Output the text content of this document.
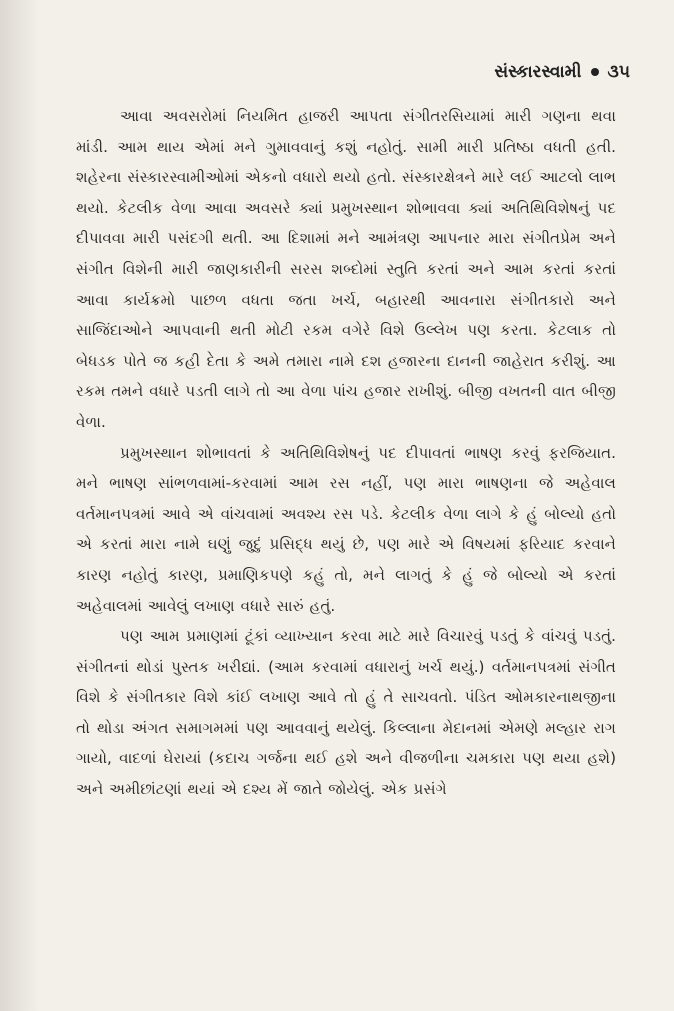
સંસ્કારસ્વામી ૩૫

આવા અવસરોમાં નિયમિત હાજરી આપતા સંગીતરસિયામાં મારી ગણના થવા માંડી. આમ થાય એમાં મને ગુમાવવાનું કશું નહોતું. સામી મારી પ્રતિષ્ઠા વધતી હતી. શહેરના સંસ્કારસ્વામીઓમાં એકનો વધારો થયો હતો. સંસ્કારક્ષેત્રને મારે લઈ આટલો લાભ થયો. કેટલીક વેળા આવા અવસરે ક્યાં પ્રમુખસ્થાન શોભાવવા ક્યાં અતિથિવિશેષનું પદ દીપાવવા મારી પસંદગી થતી. આ દિશામાં મને આમંત્રણ આપનાર મારા સંગીતપ્રેમ અને સંગીત વિશેની મારી જાણકારીની સરસ શબ્દોમાં સ્તુતિ કરતાં અને આમ કરતાં કરતાં આવા કાર્યક્રમો પાછળ વધતા જતા ખર્ચ, બહારથી આવનારા સંગીતકારો અને સાજિંદાઓને આપવાની થતી મોટી રકમ વગેરે વિશે ઉલ્લેખ પણ કરતા. કેટલાક તો બેધડક પોતે જ કહી દેતા કે અમે તમારા નામે દશ હજારના દાનની જાહેરાત કરીશું. આ રકમ તમને વધારે પડતી લાગે તો આ વેળા પાંચ હજાર રાખીશું. બીજી વખતની વાત બીજી વેળા.

પ્રમુખસ્થાન શોભાવતાં કે અતિથિવિશેષનું પદ દીપાવતાં ભાષણ કરવું ફરજિયાત. મને ભાષણ સાંભળવામાં-કરવામાં આમ રસ નહીં, પણ મારા ભાષણના જે અહેવાલ વર્તમાનપત્રમાં આવે એ વાંચવામાં અવશ્ય રસ પડે. કેટલીક વેળા લાગે કે હું બોલ્યો હતો એ કરતાં મારા નામે ઘણું જુદું પ્રસિદ્ધ થયું છે, પણ મારે એ વિષયમાં ફરિયાદ કરવાને કારણ નહોતું કારણ, પ્રમાણિકપણે કહું તો, મને લાગતું કે હું જે બોલ્યો એ કરતાં અહેવાલમાં આવેલું લખાણ વધારે સારું હતું.

પણ આમ પ્રમાણમાં ટૂંકાં વ્યાખ્યાન કરવા માટે મારે વિચારવું પડતું કે વાંચવું પડતું. સંગીતનાં થોડાં પુસ્તક ખરીદ્યાં. (આમ કરવામાં વધારાનું ખર્ચ થયું.) વર્તમાનપત્રમાં સંગીત વિશે કે સંગીતકાર વિશે કાંઈ લખાણ આવે તો હું તે સાચવતો. પંડિત ઓમકારનાથજીના તો થોડા અંગત સમાગમમાં પણ આવવાનું થયેલું. કિલ્લાના મેદાનમાં એમણે મલ્હાર રાગ ગાયો, વાદળાં ઘેરાયાં (કદાચ ગર્જના થઈ હશે અને વીજળીના ચમકારા પણ થયા હશે) અને અમીછાંટણાં થયાં એ દશ્ય મેં જાતે જોયેલું. એક પ્રસંગે
